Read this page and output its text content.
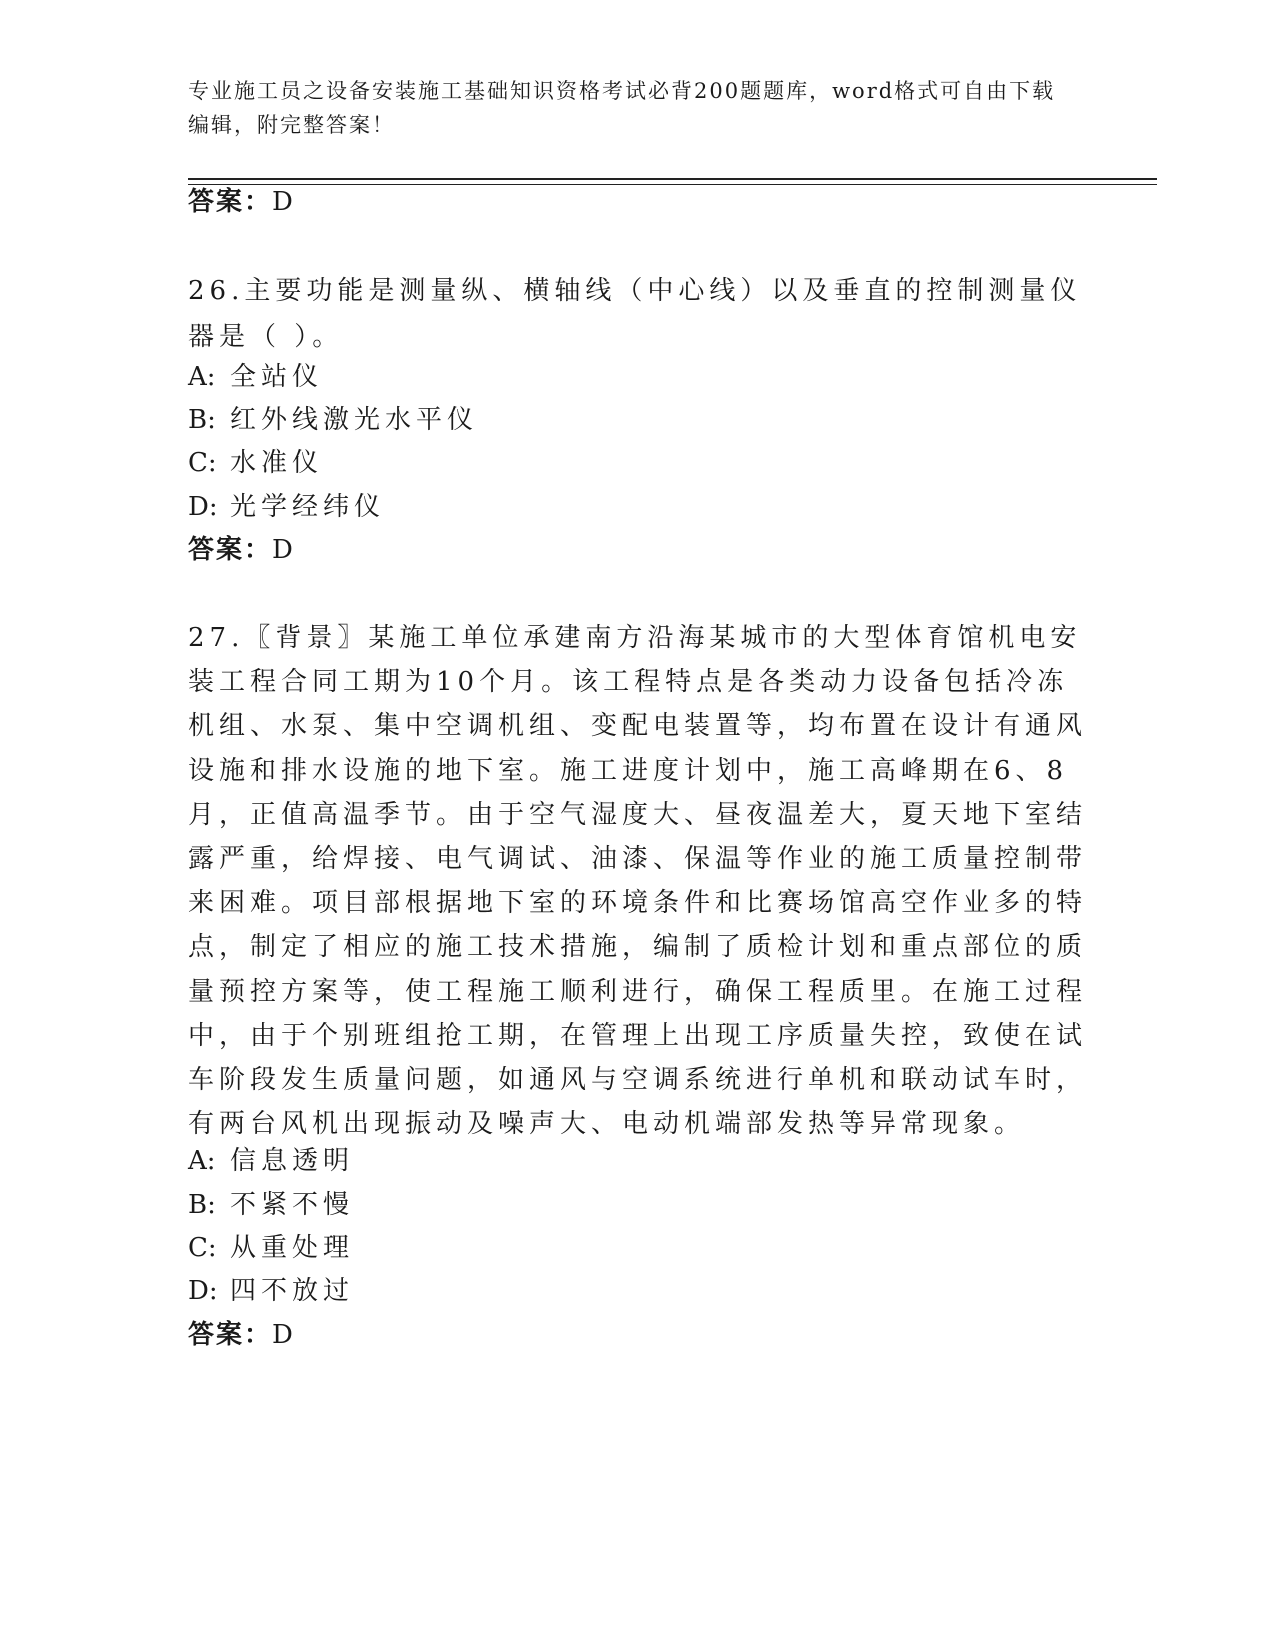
专业施工员之设备安装施工基础知识资格考试必背200题题库，word格式可自由下载编辑，附完整答案！
答案：D
26.主要功能是测量纵、横轴线（中心线）以及垂直的控制测量仪器是（ ）。
A: 全站仪
B: 红外线激光水平仪
C: 水准仪
D: 光学经纬仪
答案：D
27.〖背景〗某施工单位承建南方沿海某城市的大型体育馆机电安装工程合同工期为10个月。该工程特点是各类动力设备包括冷冻机组、水泵、集中空调机组、变配电装置等，均布置在设计有通风设施和排水设施的地下室。施工进度计划中，施工高峰期在6、8月，正值高温季节。由于空气湿度大、昼夜温差大，夏天地下室结露严重，给焊接、电气调试、油漆、保温等作业的施工质量控制带来困难。项目部根据地下室的环境条件和比赛场馆高空作业多的特点，制定了相应的施工技术措施，编制了质检计划和重点部位的质量预控方案等，使工程施工顺利进行，确保工程质里。在施工过程中，由于个别班组抢工期，在管理上出现工序质量失控，致使在试车阶段发生质量问题，如通风与空调系统进行单机和联动试车时，有两台风机出现振动及噪声大、电动机端部发热等异常现象。
A: 信息透明
B: 不紧不慢
C: 从重处理
D: 四不放过
答案：D
